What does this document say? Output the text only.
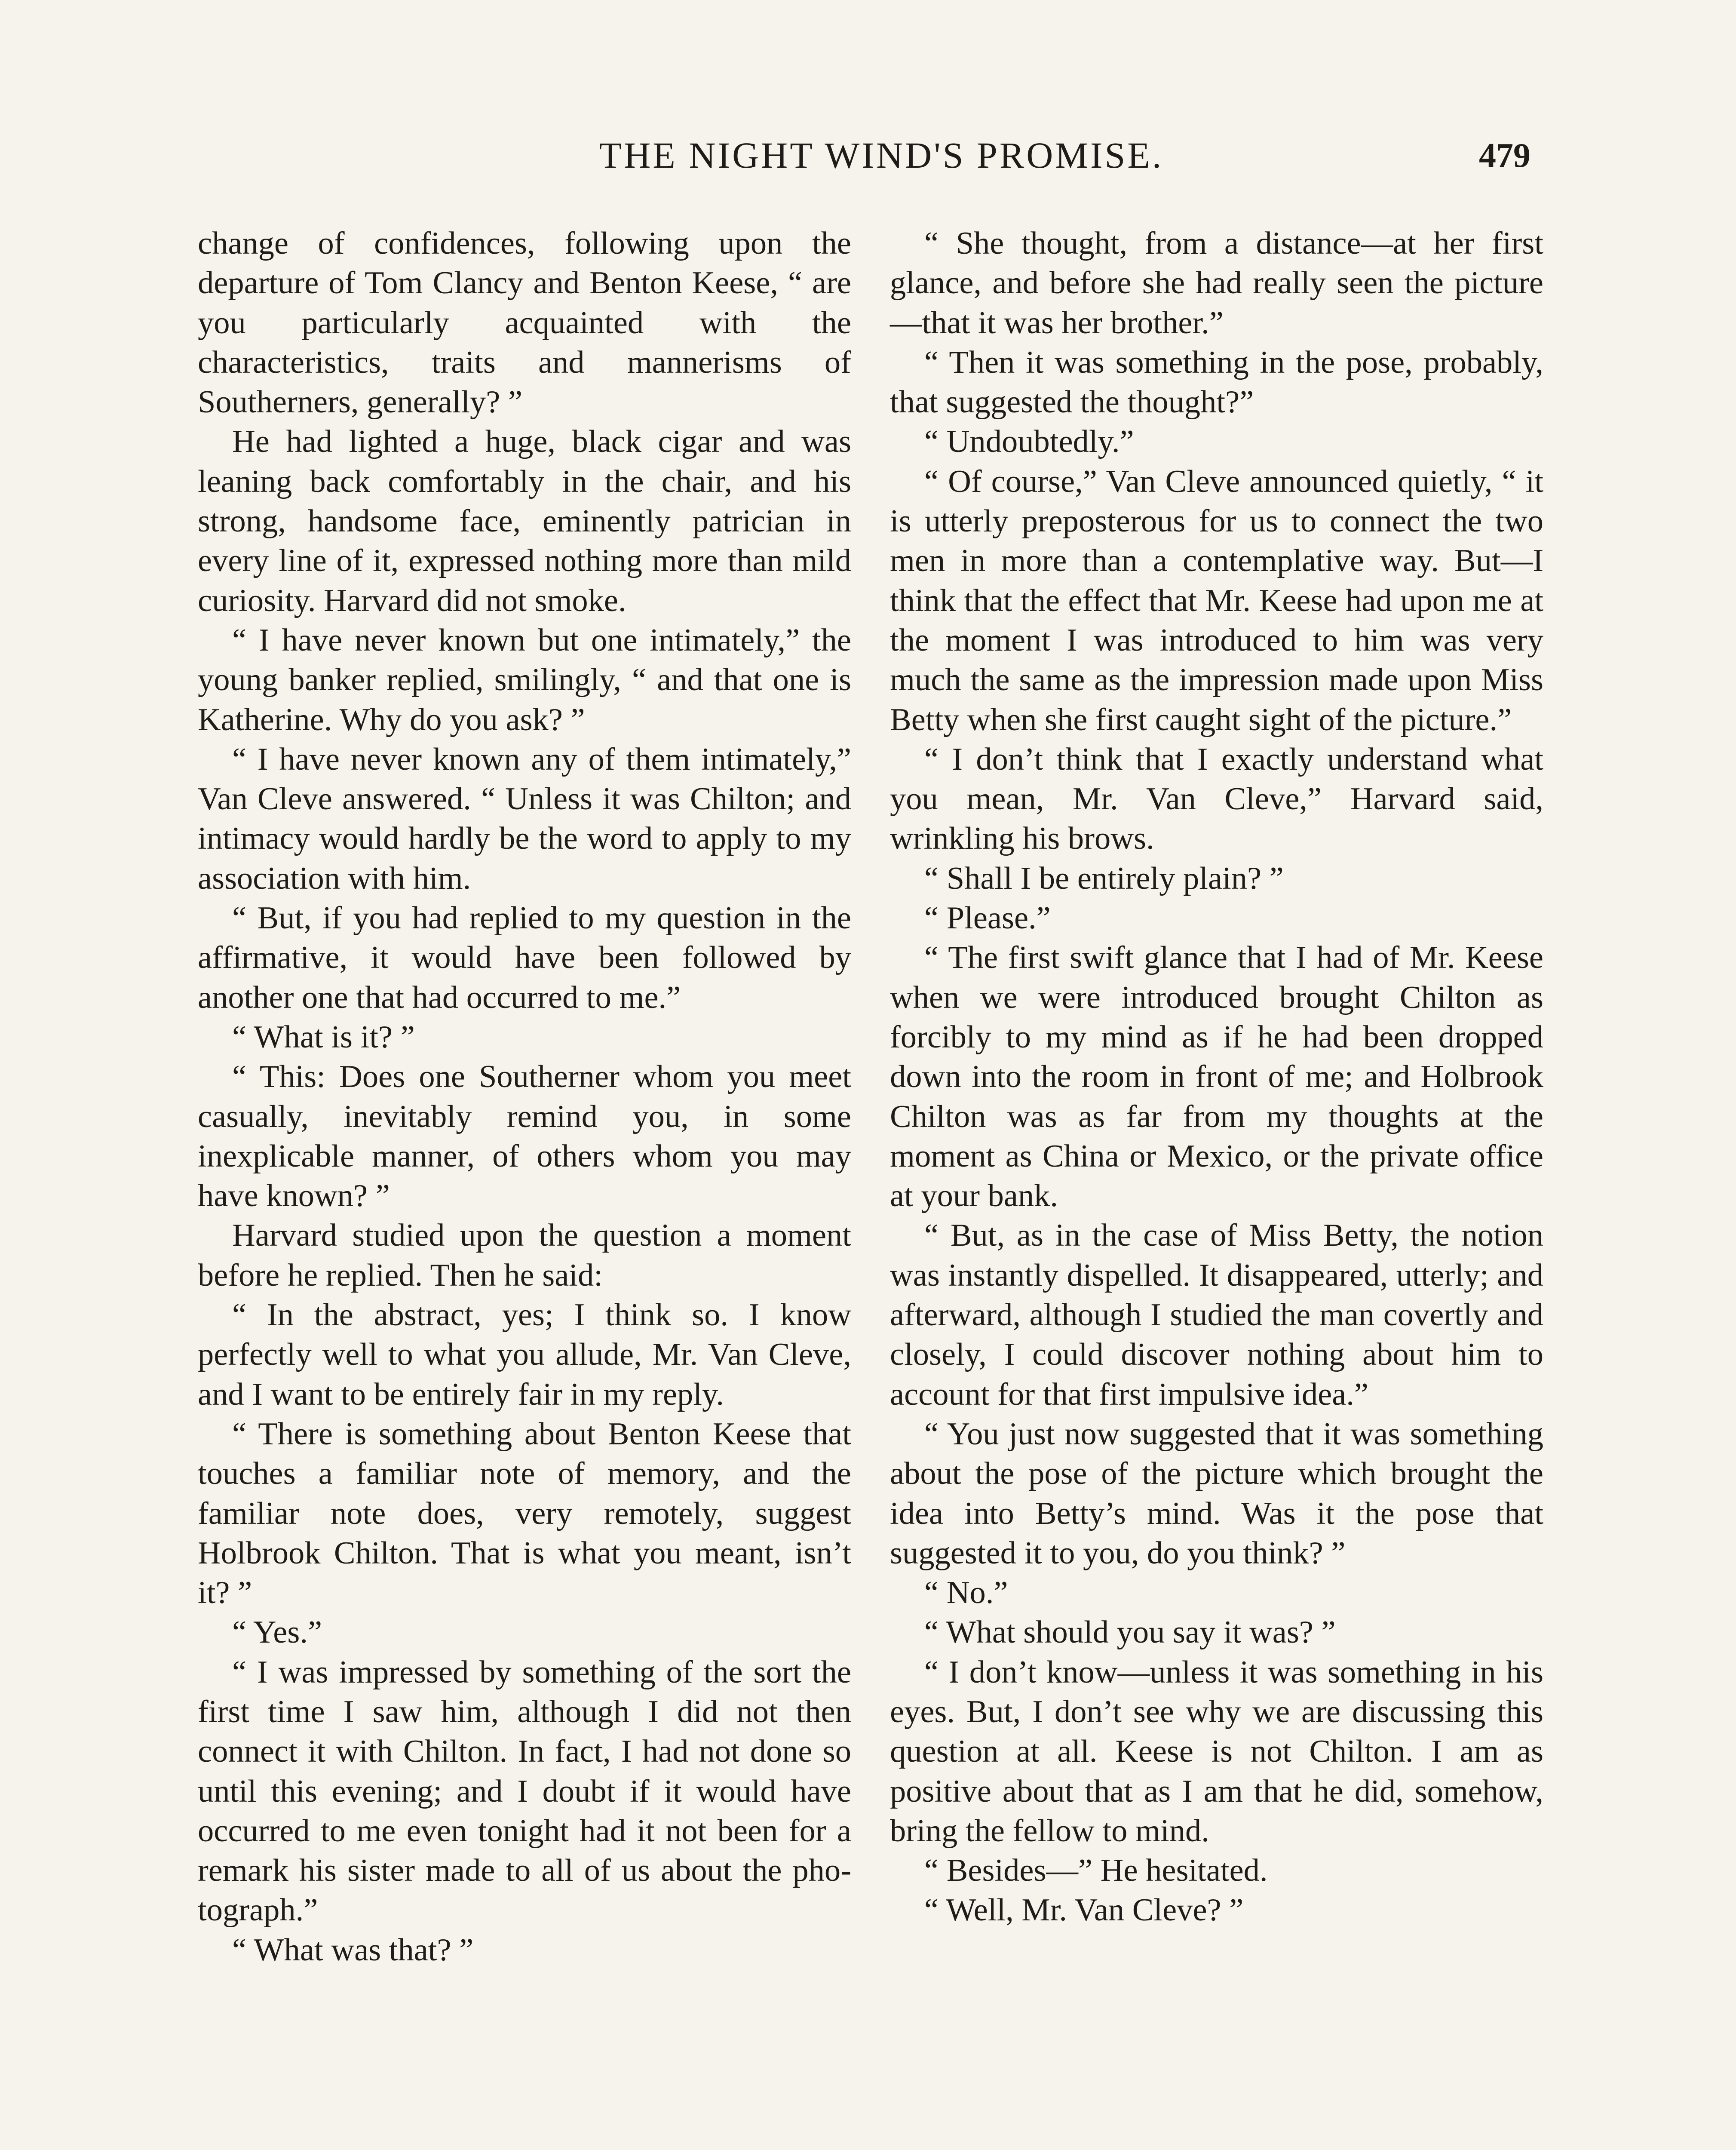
THE NIGHT WIND'S PROMISE.	479

change of confidences, following upon the departure of Tom Clancy and Benton Keese, “ are you particularly acquainted with the characteristics, traits and mannerisms of Southerners, generally? ”

He had lighted a huge, black cigar and was leaning back comfortably in the chair, and his strong, handsome face, eminently patrician in every line of it, expressed nothing more than mild curiosity. Harvard did not smoke.

“ I have never known but one intimately,” the young banker replied, smilingly, “ and that one is Katherine. Why do you ask? ”

“ I have never known any of them intimately,” Van Cleve answered. “ Unless it was Chilton; and intimacy would hardly be the word to apply to my association with him.

“ But, if you had replied to my question in the affirmative, it would have been followed by another one that had occurred to me.”

“ What is it? ”

“ This: Does one Southerner whom you meet casually, inevitably remind you, in some inexplicable manner, of others whom you may have known? ”

Harvard studied upon the question a moment before he replied. Then he said:

“ In the abstract, yes; I think so. I know perfectly well to what you allude, Mr. Van Cleve, and I want to be entirely fair in my reply.

“ There is something about Benton Keese that touches a familiar note of memory, and the familiar note does, very remotely, suggest Holbrook Chilton. That is what you meant, isn’t it? ”

“ Yes.”

“ I was impressed by something of the sort the first time I saw him, although I did not then connect it with Chilton. In fact, I had not done so until this evening; and I doubt if it would have occurred to me even tonight had it not been for a remark his sister made to all of us about the photograph.”

“ What was that? ”

“ She thought, from a distance—at her first glance, and before she had really seen the picture—that it was her brother.”

“ Then it was something in the pose, probably, that suggested the thought?”

“ Undoubtedly.”

“ Of course,” Van Cleve announced quietly, “ it is utterly preposterous for us to connect the two men in more than a contemplative way. But—I think that the effect that Mr. Keese had upon me at the moment I was introduced to him was very much the same as the impression made upon Miss Betty when she first caught sight of the picture.”

“ I don’t think that I exactly understand what you mean, Mr. Van Cleve,” Harvard said, wrinkling his brows.

“ Shall I be entirely plain? ”

“ Please.”

“ The first swift glance that I had of Mr. Keese when we were introduced brought Chilton as forcibly to my mind as if he had been dropped down into the room in front of me; and Holbrook Chilton was as far from my thoughts at the moment as China or Mexico, or the private office at your bank.

“ But, as in the case of Miss Betty, the notion was instantly dispelled. It disappeared, utterly; and afterward, although I studied the man covertly and closely, I could discover nothing about him to account for that first impulsive idea.”

“ You just now suggested that it was something about the pose of the picture which brought the idea into Betty’s mind. Was it the pose that suggested it to you, do you think? ”

“ No.”

“ What should you say it was? ”

“ I don’t know—unless it was something in his eyes. But, I don’t see why we are discussing this question at all. Keese is not Chilton. I am as positive about that as I am that he did, somehow, bring the fellow to mind.

“ Besides—” He hesitated.

“ Well, Mr. Van Cleve? ”
